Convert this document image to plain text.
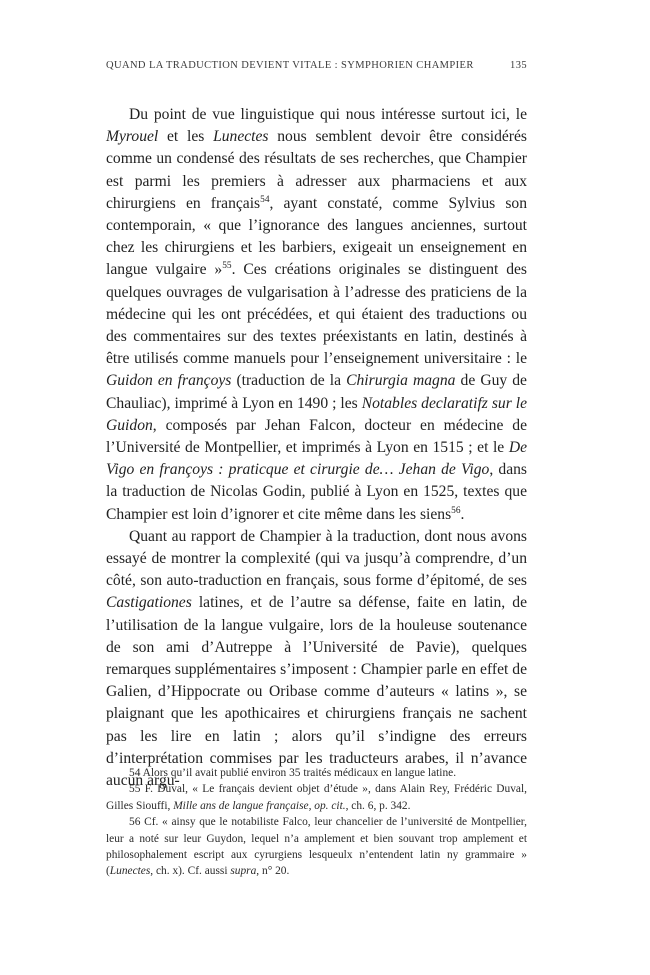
QUAND LA TRADUCTION DEVIENT VITALE : SYMPHORIEN CHAMPIER	135

Du point de vue linguistique qui nous intéresse surtout ici, le Myrouel et les Lunectes nous semblent devoir être considérés comme un condensé des résultats de ses recherches, que Champier est parmi les premiers à adresser aux pharmaciens et aux chirurgiens en français$^{54}$, ayant constaté, comme Sylvius son contemporain, « que l’ignorance des langues anciennes, surtout chez les chirurgiens et les barbiers, exigeait un enseignement en langue vulgaire »$^{55}$. Ces créations originales se distinguent des quelques ouvrages de vulgarisation à l’adresse des praticiens de la médecine qui les ont précédées, et qui étaient des traductions ou des commentaires sur des textes préexistants en latin, destinés à être utilisés comme manuels pour l’enseignement universitaire : le Guidon en françoys (traduction de la Chirurgia magna de Guy de Chauliac), imprimé à Lyon en 1490 ; les Notables declaratifz sur le Guidon, composés par Jehan Falcon, docteur en médecine de l’Université de Montpellier, et imprimés à Lyon en 1515 ; et le De Vigo en françoys : praticque et cirurgie de… Jehan de Vigo, dans la traduction de Nicolas Godin, publié à Lyon en 1525, textes que Champier est loin d’ignorer et cite même dans les siens$^{56}$.

Quant au rapport de Champier à la traduction, dont nous avons essayé de montrer la complexité (qui va jusqu’à comprendre, d’un côté, son auto-traduction en français, sous forme d’épitomé, de ses Castigationes latines, et de l’autre sa défense, faite en latin, de l’utilisation de la langue vulgaire, lors de la houleuse soutenance de son ami d’Autreppe à l’Université de Pavie), quelques remarques supplémentaires s’imposent : Champier parle en effet de Galien, d’Hippocrate ou Oribase comme d’auteurs « latins », se plaignant que les apothicaires et chirurgiens français ne sachent pas les lire en latin ; alors qu’il s’indigne des erreurs d’interprétation commises par les traducteurs arabes, il n’avance aucun argu-

54 Alors qu’il avait publié environ 35 traités médicaux en langue latine.

55 F. Duval, « Le français devient objet d’étude », dans Alain Rey, Frédéric Duval, Gilles Siouffi, Mille ans de langue française, op. cit., ch. 6, p. 342.

56 Cf. « ainsy que le notabiliste Falco, leur chancelier de l’université de Montpellier, leur a noté sur leur Guydon, lequel n’a amplement et bien souvant trop amplement et philosophalement escript aux cyrurgiens lesqueulx n’entendent latin ny grammaire » (Lunectes, ch. x). Cf. aussi supra, n° 20.
